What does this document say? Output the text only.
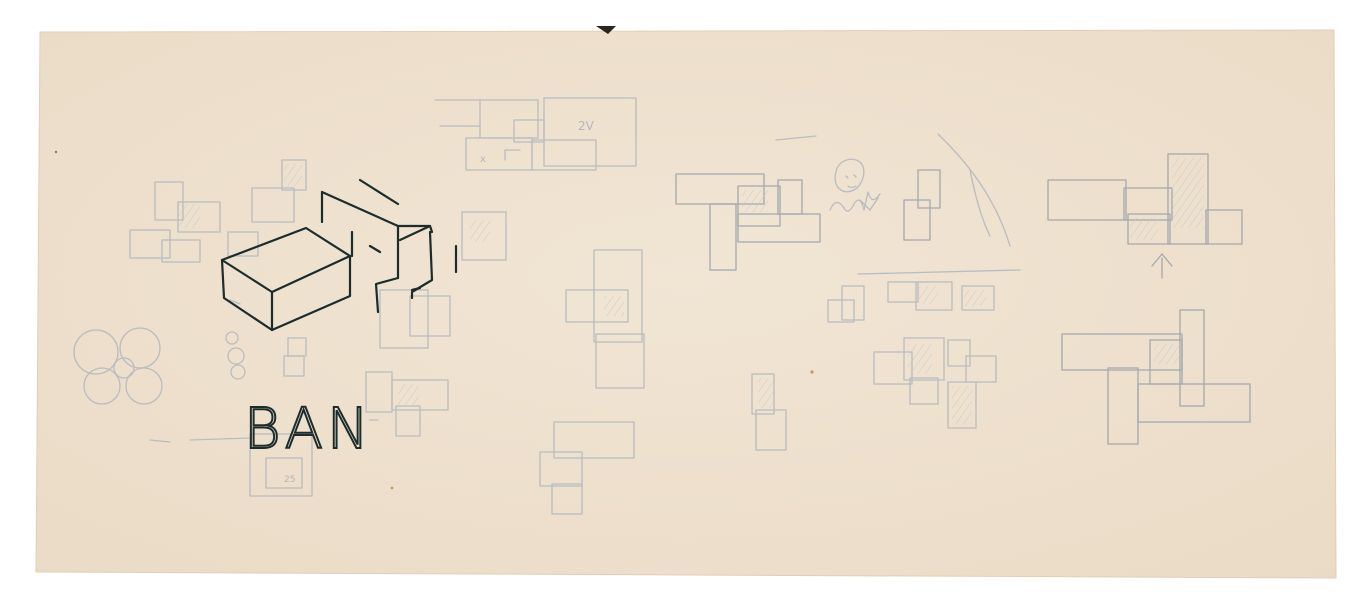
2V
x
25
BAN
